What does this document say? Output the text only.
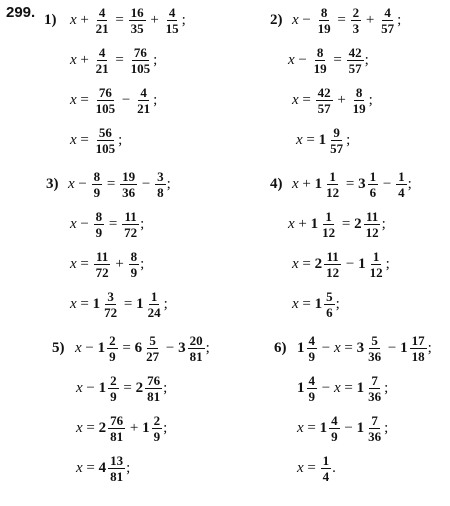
299. 1) $x + \frac{4}{21} = \frac{16}{35} + \frac{4}{15}$ ;
$x + \frac{4}{21} = \frac{76}{105}$ ;
$x = \frac{76}{105} - \frac{4}{21}$ ;
$x = \frac{56}{105}$ ;
2) $x - \frac{8}{19} = \frac{2}{3} + \frac{4}{57}$ ;
$x - \frac{8}{19} = \frac{42}{57}$ ;
$x = \frac{42}{57} + \frac{8}{19}$ ;
$x = 1 \frac{9}{57}$ ;
3) $x - \frac{8}{9} = \frac{19}{36} - \frac{3}{8}$ ;
$x - \frac{8}{9} = \frac{11}{72}$ ;
$x = \frac{11}{72} + \frac{8}{9}$ ;
$x = 1 \frac{3}{72} = 1 \frac{1}{24}$ ;
4) $x + 1 \frac{1}{12} = 3 \frac{1}{6} - \frac{1}{4}$ ;
$x + 1 \frac{1}{12} = 2 \frac{11}{12}$ ;
$x = 2 \frac{11}{12} - 1 \frac{1}{12}$ ;
$x = 1 \frac{5}{6}$ ;
5) $x - 1 \frac{2}{9} = 6 \frac{5}{27} - 3 \frac{20}{81}$ ;
$x - 1 \frac{2}{9} = 2 \frac{76}{81}$ ;
$x = 2 \frac{76}{81} + 1 \frac{2}{9}$ ;
$x = 4 \frac{13}{81}$ ;
6) $1 \frac{4}{9} - x = 3 \frac{5}{36} - 1 \frac{17}{18}$ ;
$1 \frac{4}{9} - x = 1 \frac{7}{36}$ ;
$x = 1 \frac{4}{9} - 1 \frac{7}{36}$ ;
$x = \frac{1}{4}$ .
